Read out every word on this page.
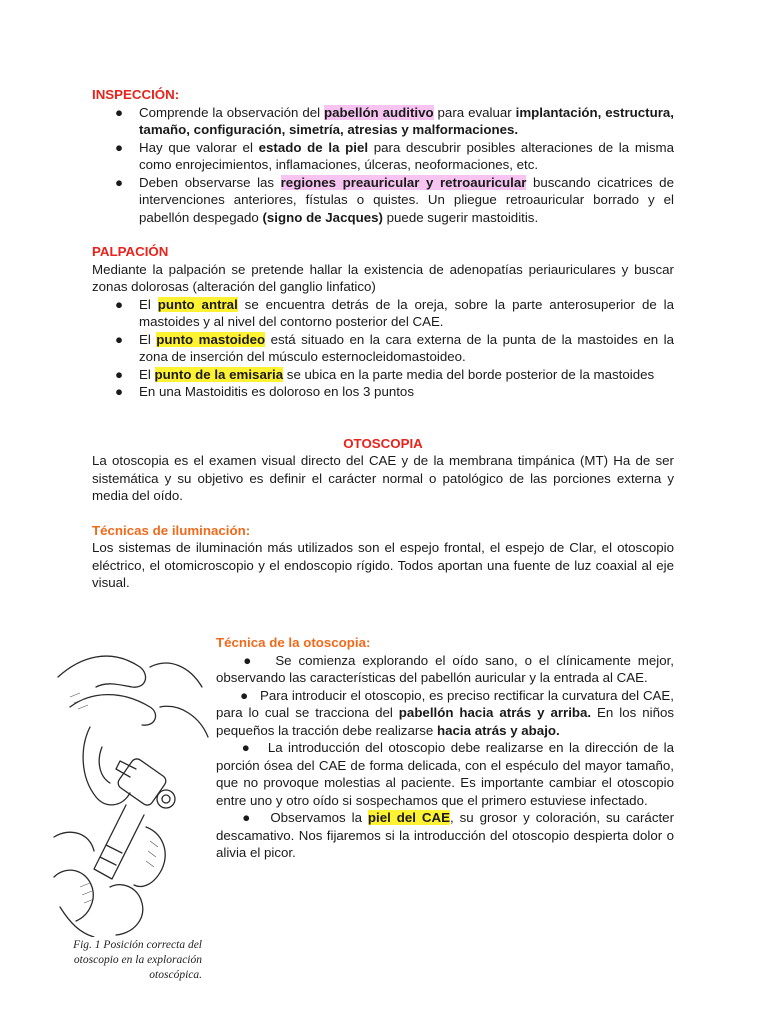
INSPECCIÓN:
● Comprende la observación del pabellón auditivo para evaluar implantación, estructura, tamaño, configuración, simetría, atresias y malformaciones.
● Hay que valorar el estado de la piel para descubrir posibles alteraciones de la misma como enrojecimientos, inflamaciones, úlceras, neoformaciones, etc.
● Deben observarse las regiones preauricular y retroauricular buscando cicatrices de intervenciones anteriores, fístulas o quistes. Un pliegue retroauricular borrado y el pabellón despegado (signo de Jacques) puede sugerir mastoiditis.
PALPACIÓN
Mediante la palpación se pretende hallar la existencia de adenopatías periauriculares y buscar zonas dolorosas (alteración del ganglio linfatico)
● El punto antral se encuentra detrás de la oreja, sobre la parte anterosuperior de la mastoides y al nivel del contorno posterior del CAE.
● El punto mastoideo está situado en la cara externa de la punta de la mastoides en la zona de inserción del músculo esternocleidomastoideo.
● El punto de la emisaria se ubica en la parte media del borde posterior de la mastoides
● En una Mastoiditis es doloroso en los 3 puntos
OTOSCOPIA
La otoscopia es el examen visual directo del CAE y de la membrana timpánica (MT) Ha de ser sistemática y su objetivo es definir el carácter normal o patológico de las porciones externa y media del oído.
Técnicas de iluminación:
Los sistemas de iluminación más utilizados son el espejo frontal, el espejo de Clar, el otoscopio eléctrico, el otomicroscopio y el endoscopio rígido. Todos aportan una fuente de luz coaxial al eje visual.
Fig. 1 Posición correcta del otoscopio en la exploración otoscópica.
Técnica de la otoscopia:

● Se comienza explorando el oído sano, o el clínicamente mejor, observando las características del pabellón auricular y la entrada al CAE.

● Para introducir el otoscopio, es preciso rectificar la curvatura del CAE, para lo cual se tracciona del pabellón hacia atrás y arriba. En los niños pequeños la tracción debe realizarse hacia atrás y abajo.

● La introducción del otoscopio debe realizarse en la dirección de la porción ósea del CAE de forma delicada, con el espéculo del mayor tamaño, que no provoque molestias al paciente. Es importante cambiar el otoscopio entre uno y otro oído si sospechamos que el primero estuviese infectado.

● Observamos la piel del CAE, su grosor y coloración, su carácter descamativo. Nos fijaremos si la introducción del otoscopio despierta dolor o alivia el picor.
